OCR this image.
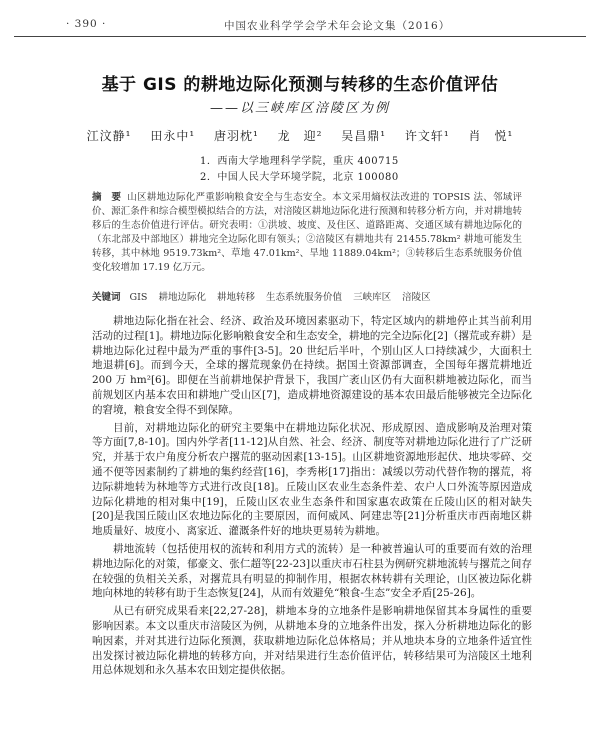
· 390 ·	中国农业科学学会学术年会论文集（2016）
基于 GIS 的耕地边际化预测与转移的生态价值评估
——以三峡库区涪陵区为例
江汶静¹ 田永中¹ 唐羽枕¹ 龙　迎² 吴昌鼎¹ 许文轩¹ 肖　悦¹
1．西南大学地理科学学院，重庆 400715
2．中国人民大学环境学院，北京 100080
摘　要 山区耕地边际化严重影响粮食安全与生态安全。本文采用熵权法改进的 TOPSIS 法、邻域评价、源汇条件和综合模型模拟结合的方法，对涪陵区耕地边际化进行预测和转移分析方向，并对耕地转移后的生态价值进行评估。研究表明：①洪坡、坡度、及住区、道路距离、交通区域有耕地边际化的（东北部及中部地区）耕地完全边际化即有领头；②涪陵区有耕地共有 21455.78km² 耕地可能发生转移，其中林地 9519.73km²、草地 47.01km²、旱地 11889.04km²；③转移后生态系统服务价值变化较增加 17.19 亿万元。
关键词 GIS 耕地边际化 耕地转移 生态系统服务价值 三峡库区 涪陵区

耕地边际化指在社会、经济、政治及环境因素驱动下，特定区域内的耕地停止其当前利用活动的过程[1]。耕地边际化影响粮食安全和生态安全，耕地的完全边际化[2]（撂荒或弃耕）是耕地边际化过程中最为严重的事件[3-5]。20 世纪后半叶，个别山区人口持续减少，大面积土地退耕[6]。而到今天，全球的撂荒现象仍在持续。据国土资源部调查，全国每年撂荒耕地近 200 万 hm²[6]。即便在当前耕地保护背景下，我国广袤山区仍有大面积耕地被边际化，而当前规划区内基本农田和耕地广受山区[7]，造成耕地资源建设的基本农田最后能够被完全边际化的窘境，粮食安全得不到保障。

目前，对耕地边际化的研究主要集中在耕地边际化状况、形成原因、造成影响及治理对策等方面[7,8-10]。国内外学者[11-12]从自然、社会、经济、制度等对耕地边际化进行了广泛研究，并基于农户角度分析农户撂荒的驱动因素[13-15]。山区耕地资源地形起伏、地块零碎、交通不便等因素制约了耕地的集约经营[16]，李秀彬[17]指出：减缓以劳动代替作物的撂荒，将边际耕地转为林地等方式进行改良[18]。丘陵山区农业生态条件差、农户人口外流等原因造成边际化耕地的相对集中[19]，丘陵山区农业生态条件和国家惠农政策在丘陵山区的相对缺失[20]是我国丘陵山区农地边际化的主要原因，而何威风、阿建忠等[21]分析重庆市西南地区耕地质量好、坡度小、离家近、灌溉条件好的地块更易转为耕地。

耕地流转（包括使用权的流转和利用方式的流转）是一种被普遍认可的重要而有效的治理耕地边际化的对策，郁豪文、张仁超等[22-23]以重庆市石柱县为例研究耕地流转与撂荒之间存在较强的负相关关系，对撂荒具有明显的抑制作用，根据农林转耕有关理论，山区被边际化耕地向林地的转移有助于生态恢复[24]，从而有效避免“粮食-生态”安全矛盾[25-26]。

从已有研究成果看来[22,27-28]，耕地本身的立地条件是影响耕地保留其本身属性的重要影响因素。本文以重庆市涪陵区为例，从耕地本身的立地条件出发，探入分析耕地边际化的影响因素，并对其进行边际化预测，获取耕地边际化总体格局；并从地块本身的立地条件适宜性出发探讨被边际化耕地的转移方向，并对结果进行生态价值评估，转移结果可为涪陵区土地利用总体规划和永久基本农田划定提供依据。
